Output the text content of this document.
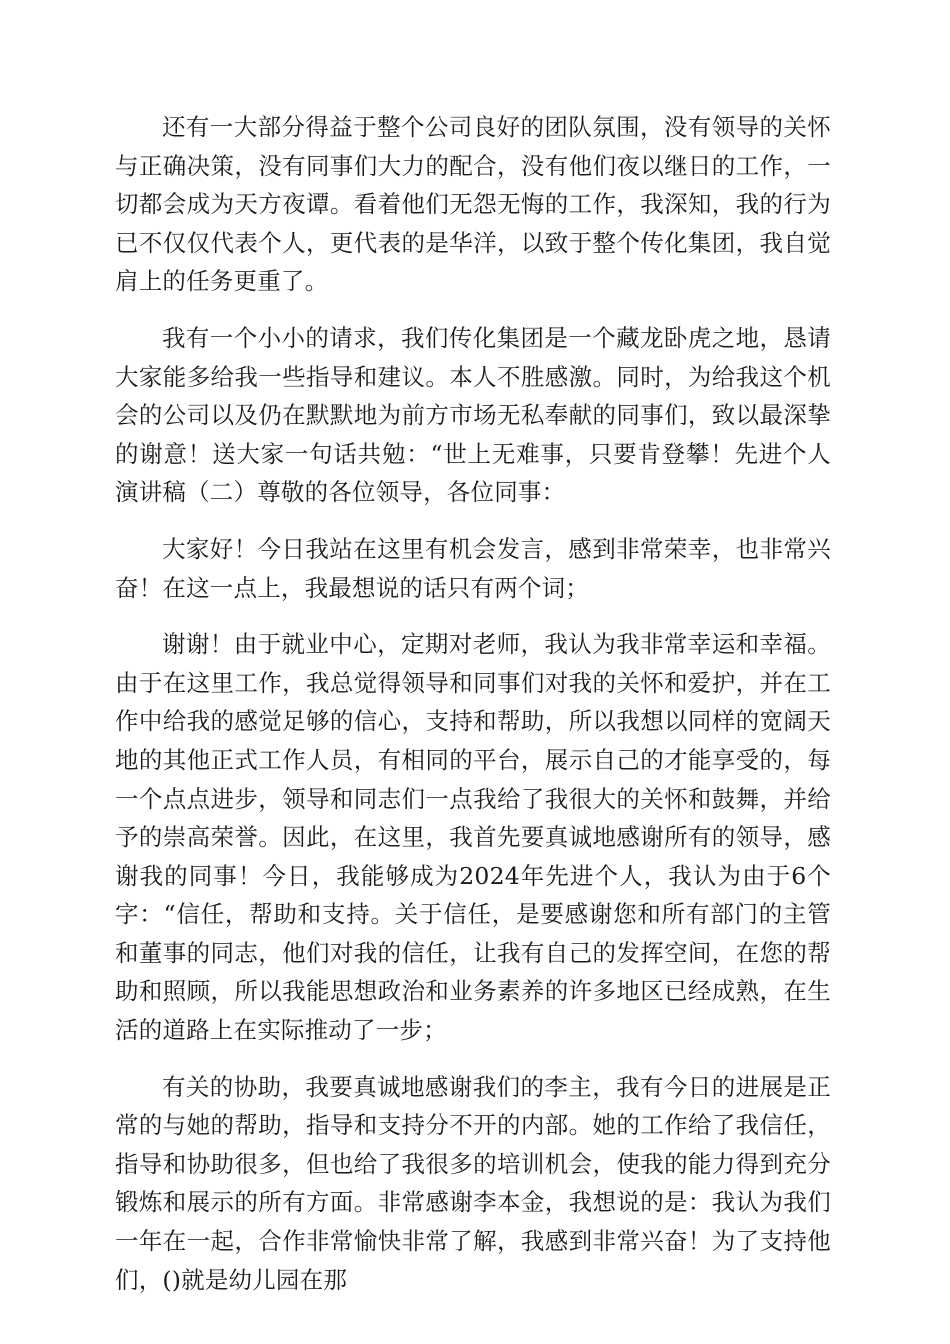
还有一大部分得益于整个公司良好的团队氛围，没有领导的关怀与正确决策，没有同事们大力的配合，没有他们夜以继日的工作，一切都会成为天方夜谭。看着他们无怨无悔的工作，我深知，我的行为已不仅仅代表个人，更代表的是华洋，以致于整个传化集团，我自觉肩上的任务更重了。

我有一个小小的请求，我们传化集团是一个藏龙卧虎之地，恳请大家能多给我一些指导和建议。本人不胜感激。同时，为给我这个机会的公司以及仍在默默地为前方市场无私奉献的同事们，致以最深挚的谢意！送大家一句话共勉：“世上无难事，只要肯登攀！先进个人演讲稿（二）尊敬的各位领导，各位同事：

大家好！今日我站在这里有机会发言，感到非常荣幸，也非常兴奋！在这一点上，我最想说的话只有两个词；

谢谢！由于就业中心，定期对老师，我认为我非常幸运和幸福。由于在这里工作，我总觉得领导和同事们对我的关怀和爱护，并在工作中给我的感觉足够的信心，支持和帮助，所以我想以同样的宽阔天地的其他正式工作人员，有相同的平台，展示自己的才能享受的，每一个点点进步，领导和同志们一点我给了我很大的关怀和鼓舞，并给予的崇高荣誉。因此，在这里，我首先要真诚地感谢所有的领导，感谢我的同事！今日，我能够成为2024年先进个人，我认为由于6个字：“信任，帮助和支持。关于信任，是要感谢您和所有部门的主管和董事的同志，他们对我的信任，让我有自己的发挥空间，在您的帮助和照顾，所以我能思想政治和业务素养的许多地区已经成熟，在生活的道路上在实际推动了一步；

有关的协助，我要真诚地感谢我们的李主，我有今日的进展是正常的与她的帮助，指导和支持分不开的内部。她的工作给了我信任，指导和协助很多，但也给了我很多的培训机会，使我的能力得到充分锻炼和展示的所有方面。非常感谢李本金，我想说的是：我认为我们一年在一起，合作非常愉快非常了解，我感到非常兴奋！为了支持他们，()就是幼儿园在那
